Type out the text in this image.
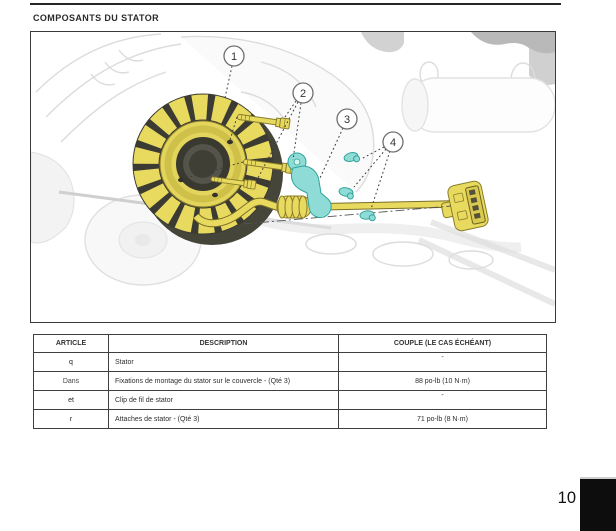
COMPOSANTS DU STATOR
1
2
3
4
ARTICLE	DESCRIPTION	COUPLE (LE CAS ÉCHÉANT)
q	Stator	-
Dans	Fixations de montage du stator sur le couvercle - (Qté 3)	88 po-lb (10 N·m)
et	Clip de fil de stator	-
r	Attaches de stator - (Qté 3)	71 po-lb (8 N·m)
10
